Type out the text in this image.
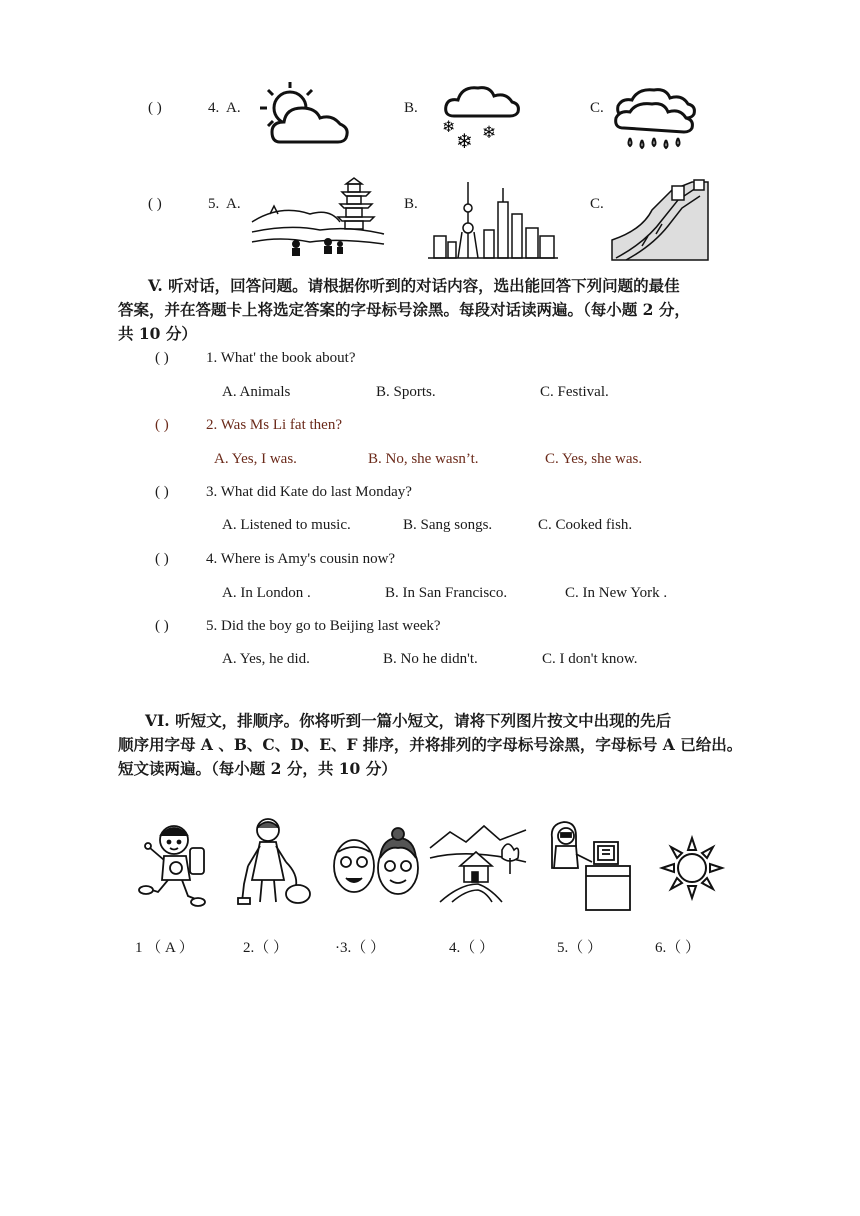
( )	4. A.	B.	C.
❄
❄ ❄
( )	5. A.	B.	C.
V. 听对话，回答问题。请根据你听到的对话内容，选出能回答下列问题的最佳
答案，并在答题卡上将选定答案的字母标号涂黑。每段对话读两遍。（每小题 2 分，
共 10 分）
( ) 1. What' the book about?
A. Animals	B. Sports.	C. Festival.
( ) 2. Was Ms Li fat then?
A. Yes, I was.	B. No, she wasn’t.	C. Yes, she was.
( ) 3. What did Kate do last Monday?
A. Listened to music.	B. Sang songs.	C. Cooked fish.
( ) 4. Where is Amy's cousin now?
A. In London .	B. In San Francisco.	C. In New York .
( ) 5. Did the boy go to Beijing last week?
A. Yes, he did.	B. No he didn't.	C. I don't know.
VI. 听短文，排顺序。你将听到一篇小短文，请将下列图片按文中出现的先后
顺序用字母 A 、B、C、D、E、F 排序，并将排列的字母标号涂黑，字母标号 A 已给出。
短文读两遍。（每小题 2 分，共 10 分）
1 （ A ）	2.（ ）	·3.（ ）	4.（ ）	5.（ ）	6.（ ）
